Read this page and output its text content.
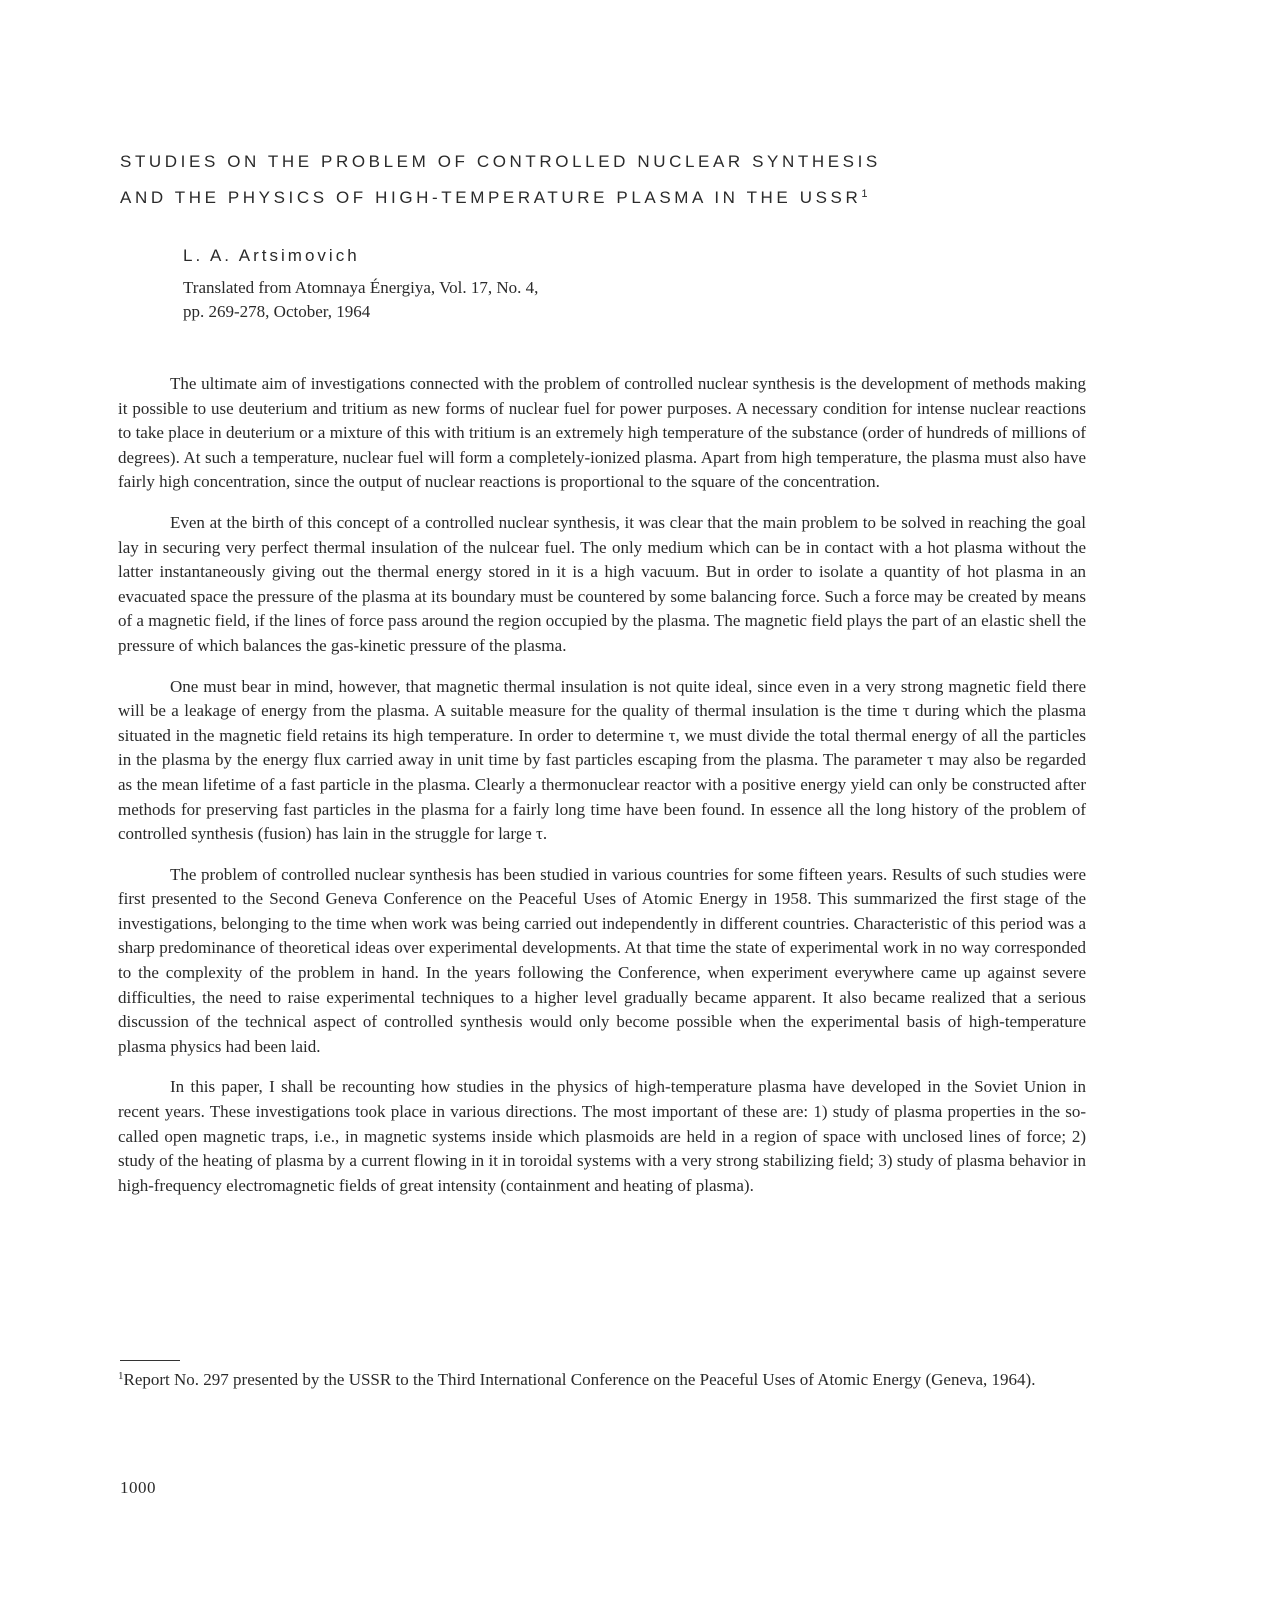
STUDIES ON THE PROBLEM OF CONTROLLED NUCLEAR SYNTHESIS
AND THE PHYSICS OF HIGH-TEMPERATURE PLASMA IN THE USSR$^1$
L. A. Artsimovich
Translated from Atomnaya Énergiya, Vol. 17, No. 4,
pp. 269-278, October, 1964

The ultimate aim of investigations connected with the problem of controlled nuclear synthesis is the development of methods making it possible to use deuterium and tritium as new forms of nuclear fuel for power purposes. A necessary condition for intense nuclear reactions to take place in deuterium or a mixture of this with tritium is an extremely high temperature of the substance (order of hundreds of millions of degrees). At such a temperature, nuclear fuel will form a completely-ionized plasma. Apart from high temperature, the plasma must also have fairly high concentration, since the output of nuclear reactions is proportional to the square of the concentration.

Even at the birth of this concept of a controlled nuclear synthesis, it was clear that the main problem to be solved in reaching the goal lay in securing very perfect thermal insulation of the nulcear fuel. The only medium which can be in contact with a hot plasma without the latter instantaneously giving out the thermal energy stored in it is a high vacuum. But in order to isolate a quantity of hot plasma in an evacuated space the pressure of the plasma at its boundary must be countered by some balancing force. Such a force may be created by means of a magnetic field, if the lines of force pass around the region occupied by the plasma. The magnetic field plays the part of an elastic shell the pressure of which balances the gas-kinetic pressure of the plasma.

One must bear in mind, however, that magnetic thermal insulation is not quite ideal, since even in a very strong magnetic field there will be a leakage of energy from the plasma. A suitable measure for the quality of thermal insulation is the time τ during which the plasma situated in the magnetic field retains its high temperature. In order to determine τ, we must divide the total thermal energy of all the particles in the plasma by the energy flux carried away in unit time by fast particles escaping from the plasma. The parameter τ may also be regarded as the mean lifetime of a fast particle in the plasma. Clearly a thermonuclear reactor with a positive energy yield can only be constructed after methods for preserving fast particles in the plasma for a fairly long time have been found. In essence all the long history of the problem of controlled synthesis (fusion) has lain in the struggle for large τ.

The problem of controlled nuclear synthesis has been studied in various countries for some fifteen years. Results of such studies were first presented to the Second Geneva Conference on the Peaceful Uses of Atomic Energy in 1958. This summarized the first stage of the investigations, belonging to the time when work was being carried out independently in different countries. Characteristic of this period was a sharp predominance of theoretical ideas over experimental developments. At that time the state of experimental work in no way corresponded to the complexity of the problem in hand. In the years following the Conference, when experiment everywhere came up against severe difficulties, the need to raise experimental techniques to a higher level gradually became apparent. It also became realized that a serious discussion of the technical aspect of controlled synthesis would only become possible when the experimental basis of high-temperature plasma physics had been laid.

In this paper, I shall be recounting how studies in the physics of high-temperature plasma have developed in the Soviet Union in recent years. These investigations took place in various directions. The most important of these are: 1) study of plasma properties in the so-called open magnetic traps, i.e., in magnetic systems inside which plasmoids are held in a region of space with unclosed lines of force; 2) study of the heating of plasma by a current flowing in it in toroidal systems with a very strong stabilizing field; 3) study of plasma behavior in high-frequency electromagnetic fields of great intensity (containment and heating of plasma).

$^1$Report No. 297 presented by the USSR to the Third International Conference on the Peaceful Uses of Atomic Energy (Geneva, 1964).
1000
